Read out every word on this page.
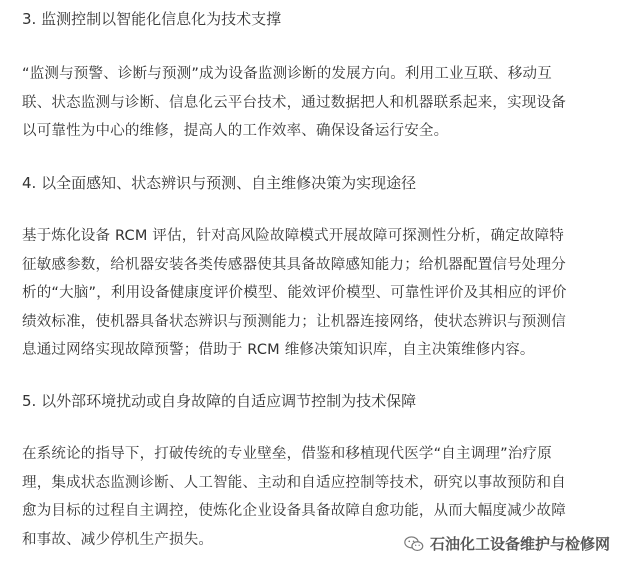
3. 监测控制以智能化信息化为技术支撑
“监测与预警、诊断与预测”成为设备监测诊断的发展方向。利用工业互联、移动互
联、状态监测与诊断、信息化云平台技术，通过数据把人和机器联系起来，实现设备
以可靠性为中心的维修，提高人的工作效率、确保设备运行安全。
4. 以全面感知、状态辨识与预测、自主维修决策为实现途径
基于炼化设备 RCM 评估，针对高风险故障模式开展故障可探测性分析，确定故障特
征敏感参数，给机器安装各类传感器使其具备故障感知能力；给机器配置信号处理分
析的“大脑”，利用设备健康度评价模型、能效评价模型、可靠性评价及其相应的评价
绩效标准，使机器具备状态辨识与预测能力；让机器连接网络，使状态辨识与预测信
息通过网络实现故障预警；借助于 RCM 维修决策知识库，自主决策维修内容。
5. 以外部环境扰动或自身故障的自适应调节控制为技术保障
在系统论的指导下，打破传统的专业壁垒，借鉴和移植现代医学“自主调理”治疗原
理，集成状态监测诊断、人工智能、主动和自适应控制等技术，研究以事故预防和自
愈为目标的过程自主调控，使炼化企业设备具备故障自愈功能，从而大幅度减少故障
和事故、减少停机生产损失。	石油化工设备维护与检修网
